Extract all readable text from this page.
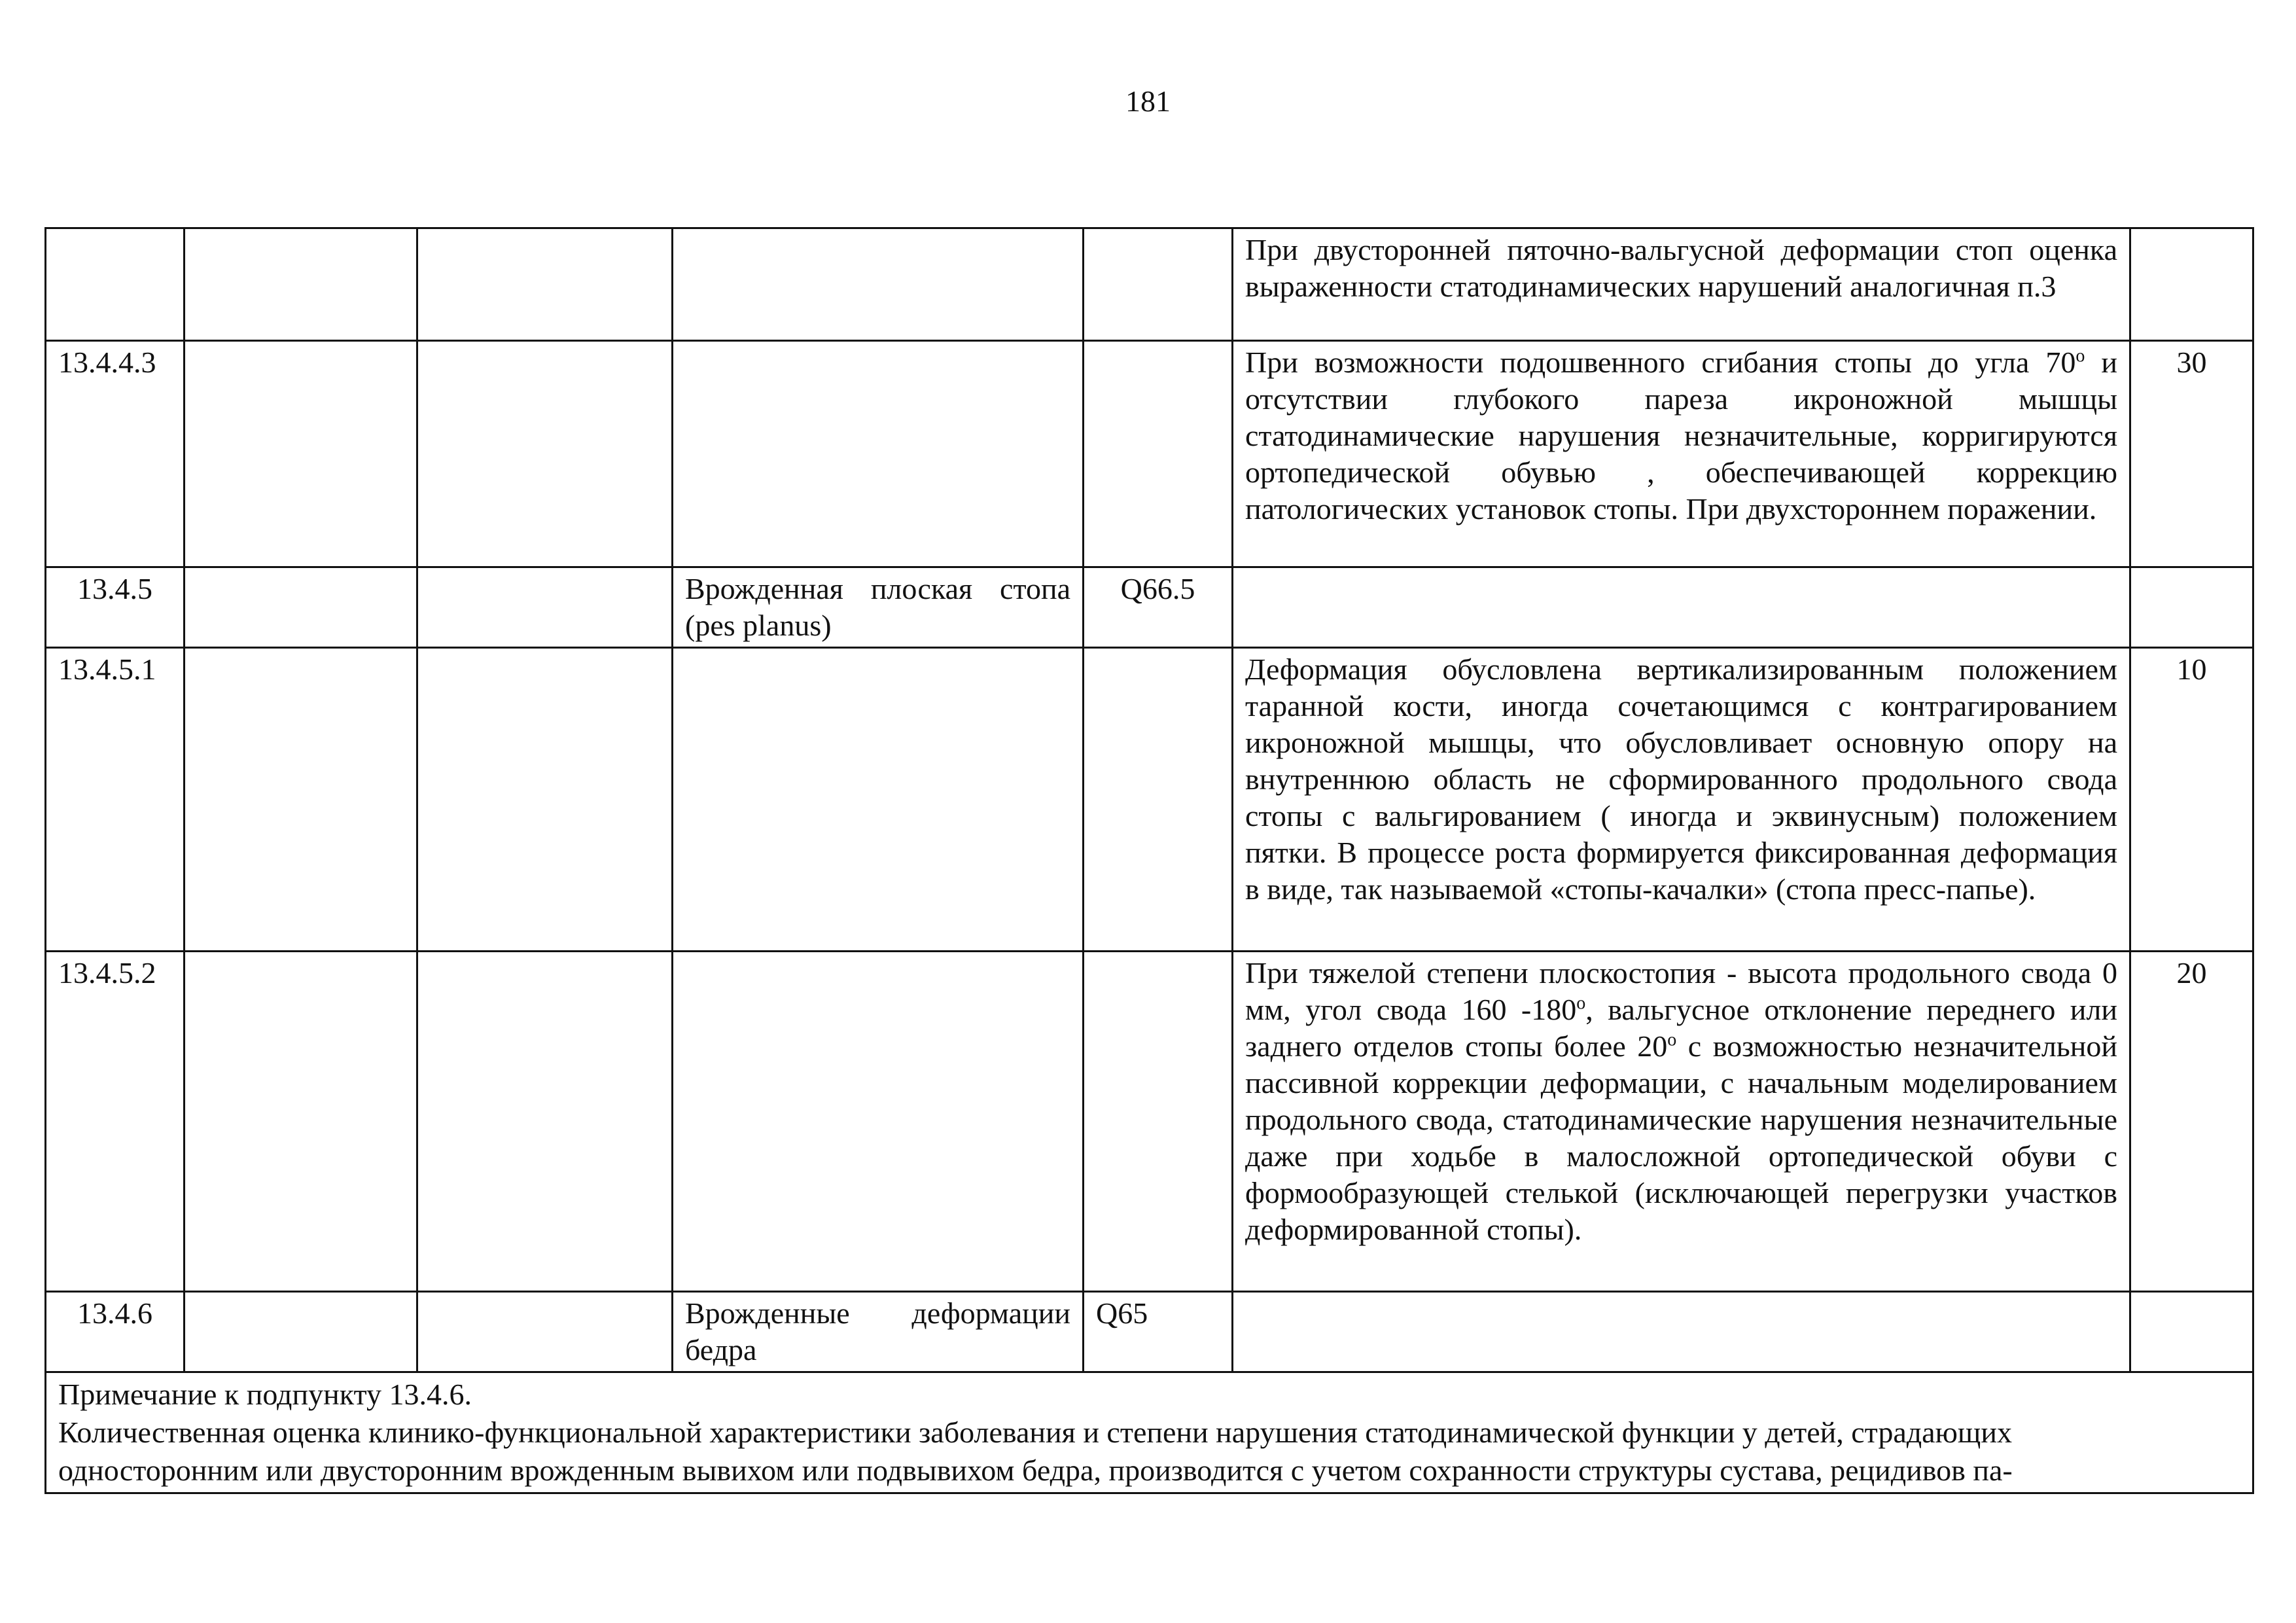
181
					При двусторонней пяточно-вальгусной деформации стоп оценка выраженности статодинамических нарушений аналогичная п.3	
13.4.4.3					При возможности подошвенного сгибания стопы до угла 70$^o$ и отсутствии глубокого пареза икроножной мышцы статодинамические нарушения незначительные, корригируются ортопедической обувью , обеспечивающей коррекцию патологических установок стопы. При двухстороннем поражении.	30
13.4.5			Врожденная плоская стопа (pes planus)	Q66.5		
13.4.5.1					Деформация обусловлена вертикализированным положением таранной кости, иногда сочетающимся с контрагированием икроножной мышцы, что обусловливает основную опору на внутреннюю область не сформированного продольного свода стопы с вальгированием ( иногда и эквинусным) положением пятки. В процессе роста формируется фиксированная деформация в виде, так называемой «стопы-качалки» (стопа пресс-папье).	10
13.4.5.2					При тяжелой степени плоскостопия - высота продольного свода 0 мм, угол свода 160 -180$^o$, вальгусное отклонение переднего или заднего отделов стопы более 20$^o$ с возможностью незначительной пассивной коррекции деформации, с начальным моделированием продольного свода, статодинамические нарушения незначительные даже при ходьбе в малосложной ортопедической обуви с формообразующей стелькой (исключающей перегрузки участков деформированной стопы).	20
13.4.6			Врожденные деформации бедра	Q65		

Примечание к подпункту 13.4.6.
Количественная оценка клинико-функциональной характеристики заболевания и степени нарушения статодинамической функции у детей, страдающих
односторонним или двусторонним врожденным вывихом или подвывихом бедра, производится с учетом сохранности структуры сустава, рецидивов па-						
